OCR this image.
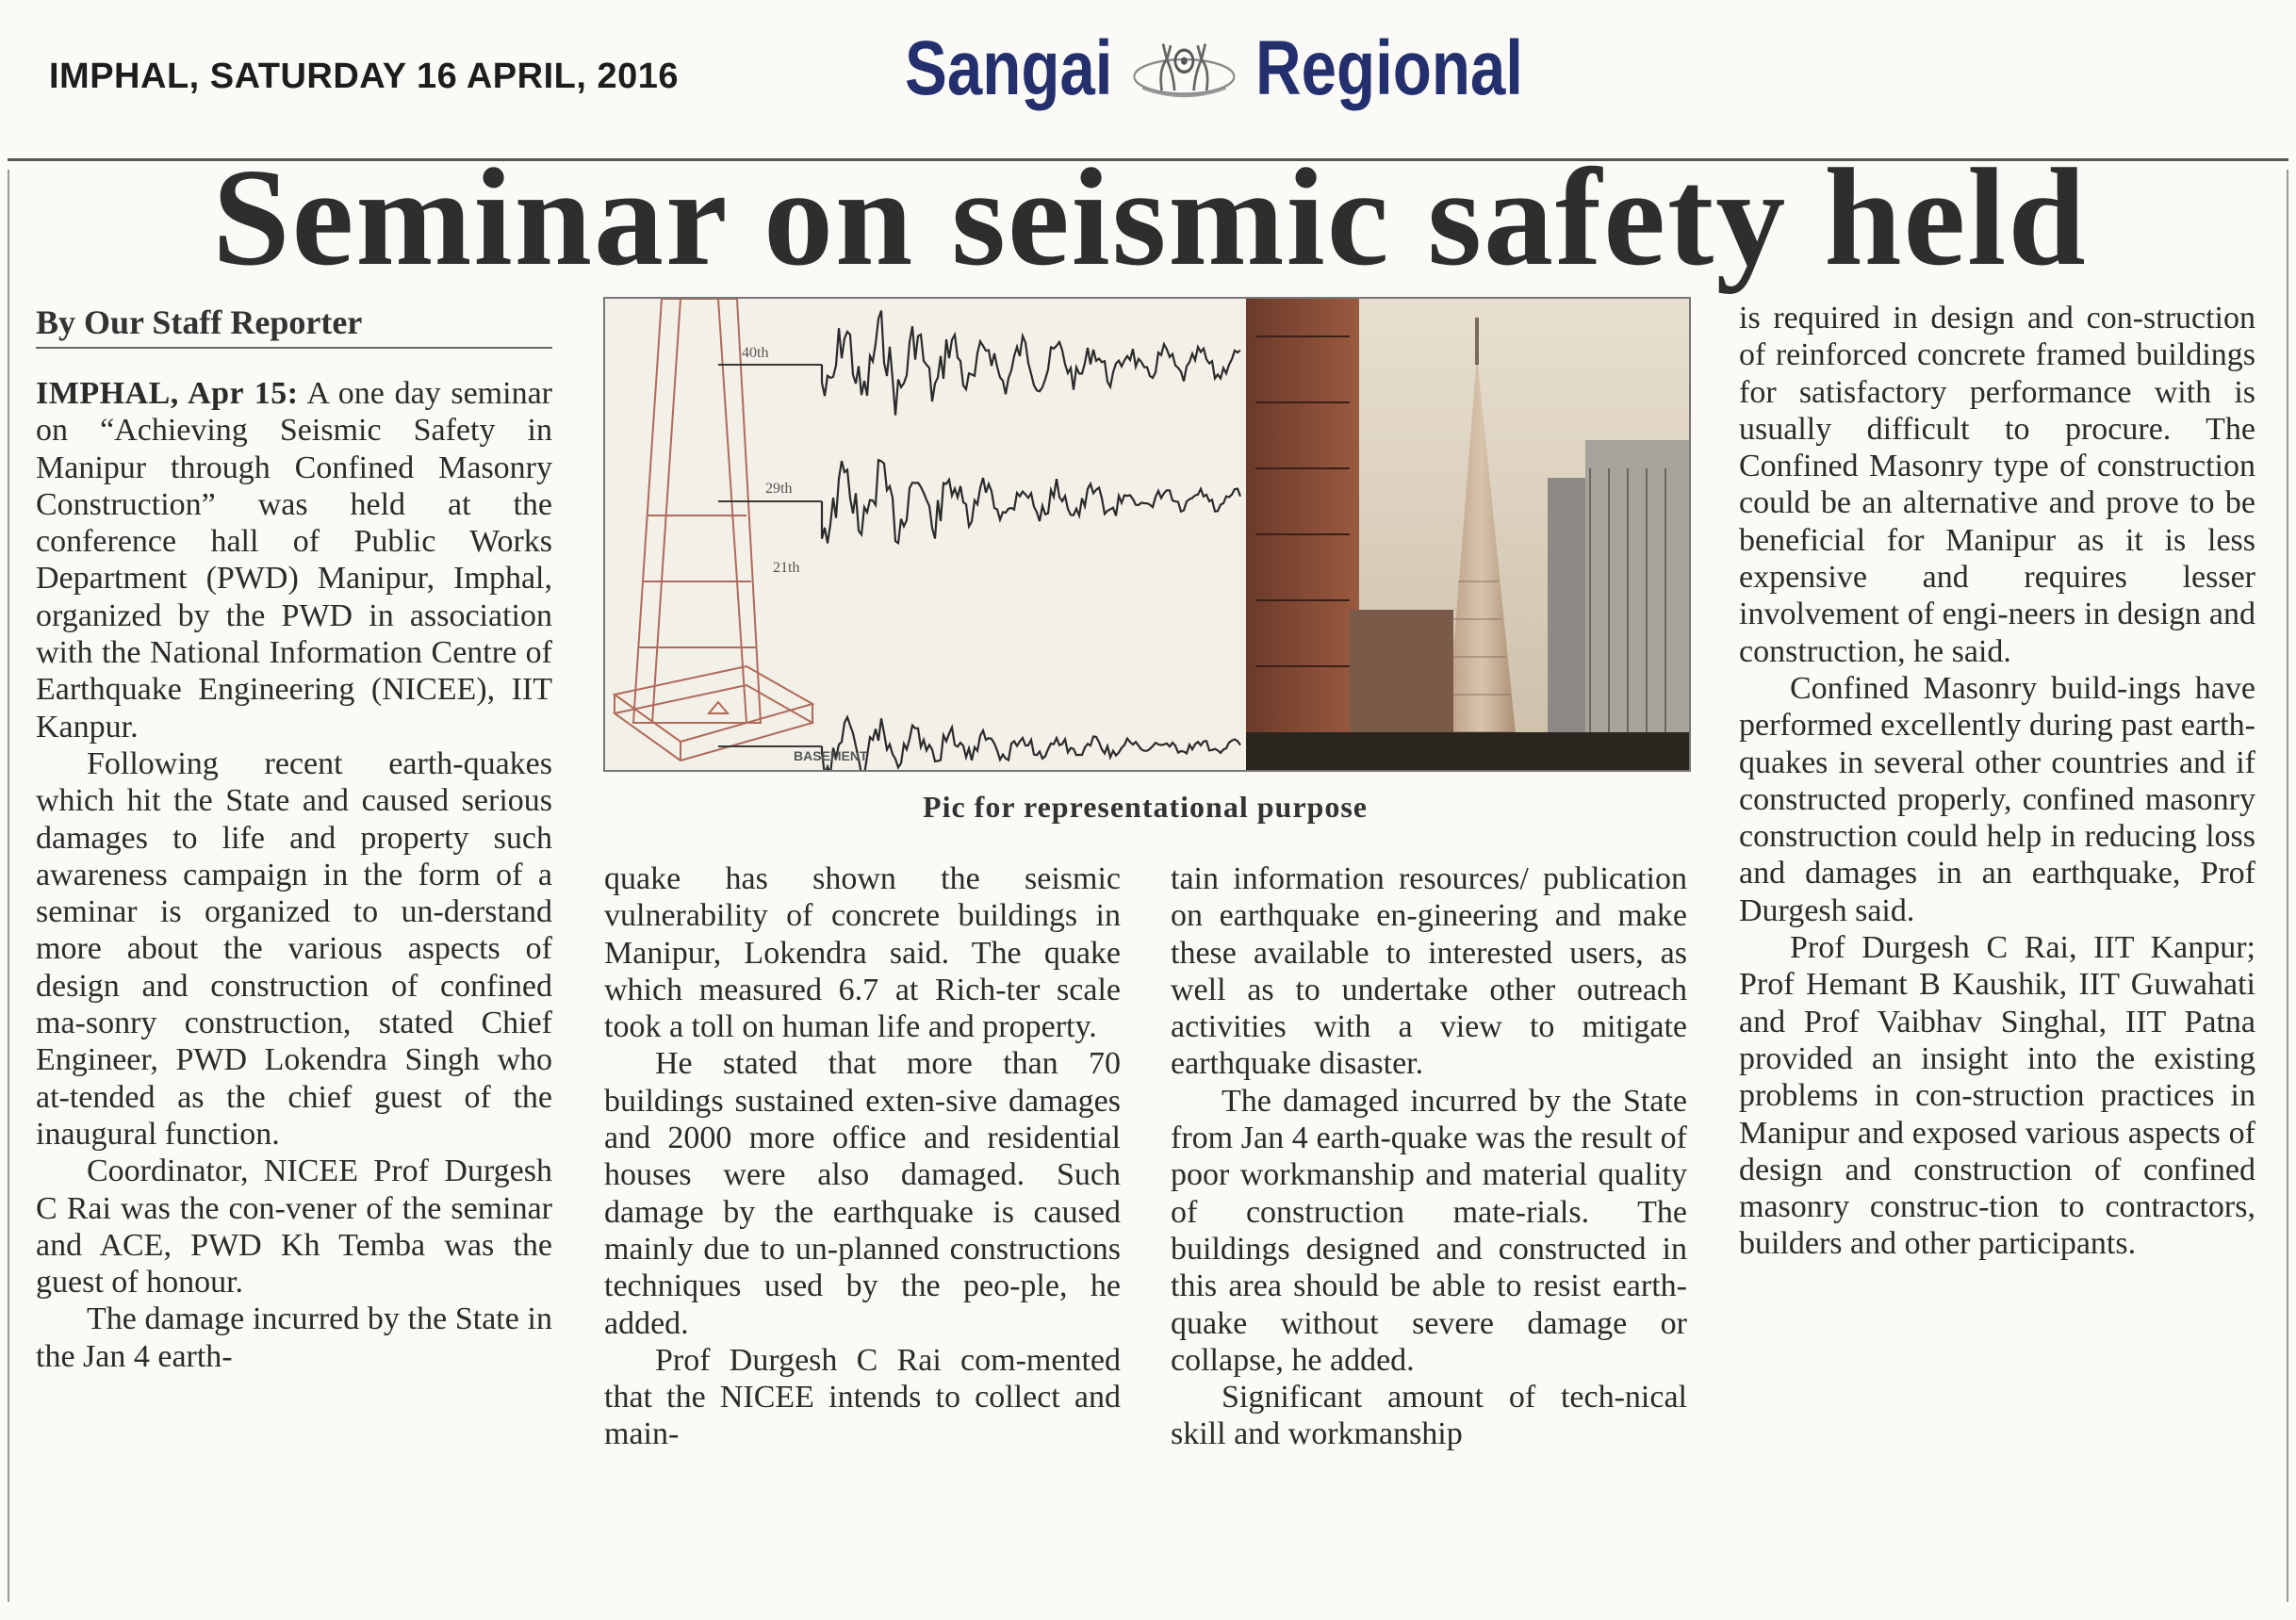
IMPHAL, SATURDAY 16 APRIL, 2016	Sangai Regional
Seminar on seismic safety held
By Our Staff Reporter

IMPHAL, Apr 15: A one day seminar on “Achieving Seismic Safety in Manipur through Confined Masonry Construction” was held at the conference hall of Public Works Department (PWD) Manipur, Imphal, organized by the PWD in association with the National Information Centre of Earthquake Engineering (NICEE), IIT Kanpur.

Following recent earth-quakes which hit the State and caused serious damages to life and property such awareness campaign in the form of a seminar is organized to un-derstand more about the various aspects of design and construction of confined ma-sonry construction, stated Chief Engineer, PWD Lokendra Singh who at-tended as the chief guest of the inaugural function.

Coordinator, NICEE Prof Durgesh C Rai was the con-vener of the seminar and ACE, PWD Kh Temba was the guest of honour.

The damage incurred by the State in the Jan 4 earth-

40th
29th
21th
BASEMENT
Pic for representational purpose

quake has shown the seismic vulnerability of concrete buildings in Manipur, Lokendra said. The quake which measured 6.7 at Rich-ter scale took a toll on human life and property.

He stated that more than 70 buildings sustained exten-sive damages and 2000 more office and residential houses were also damaged. Such damage by the earthquake is caused mainly due to un-planned constructions techniques used by the peo-ple, he added.

Prof Durgesh C Rai com-mented that the NICEE intends to collect and main-

tain information resources/ publication on earthquake en-gineering and make these available to interested users, as well as to undertake other outreach activities with a view to mitigate earthquake disaster.

The damaged incurred by the State from Jan 4 earth-quake was the result of poor workmanship and material quality of construction mate-rials. The buildings designed and constructed in this area should be able to resist earth-quake without severe damage or collapse, he added.

Significant amount of tech-nical skill and workmanship

is required in design and con-struction of reinforced concrete framed buildings for satisfactory performance with is usually difficult to procure. The Confined Masonry type of construction could be an alternative and prove to be beneficial for Manipur as it is less expensive and requires lesser involvement of engi-neers in design and construction, he said.

Confined Masonry build-ings have performed excellently during past earth-quakes in several other countries and if constructed properly, confined masonry construction could help in reducing loss and damages in an earthquake, Prof Durgesh said.

Prof Durgesh C Rai, IIT Kanpur; Prof Hemant B Kaushik, IIT Guwahati and Prof Vaibhav Singhal, IIT Patna provided an insight into the existing problems in con-struction practices in Manipur and exposed various aspects of design and construction of confined masonry construc-tion to contractors, builders and other participants.
